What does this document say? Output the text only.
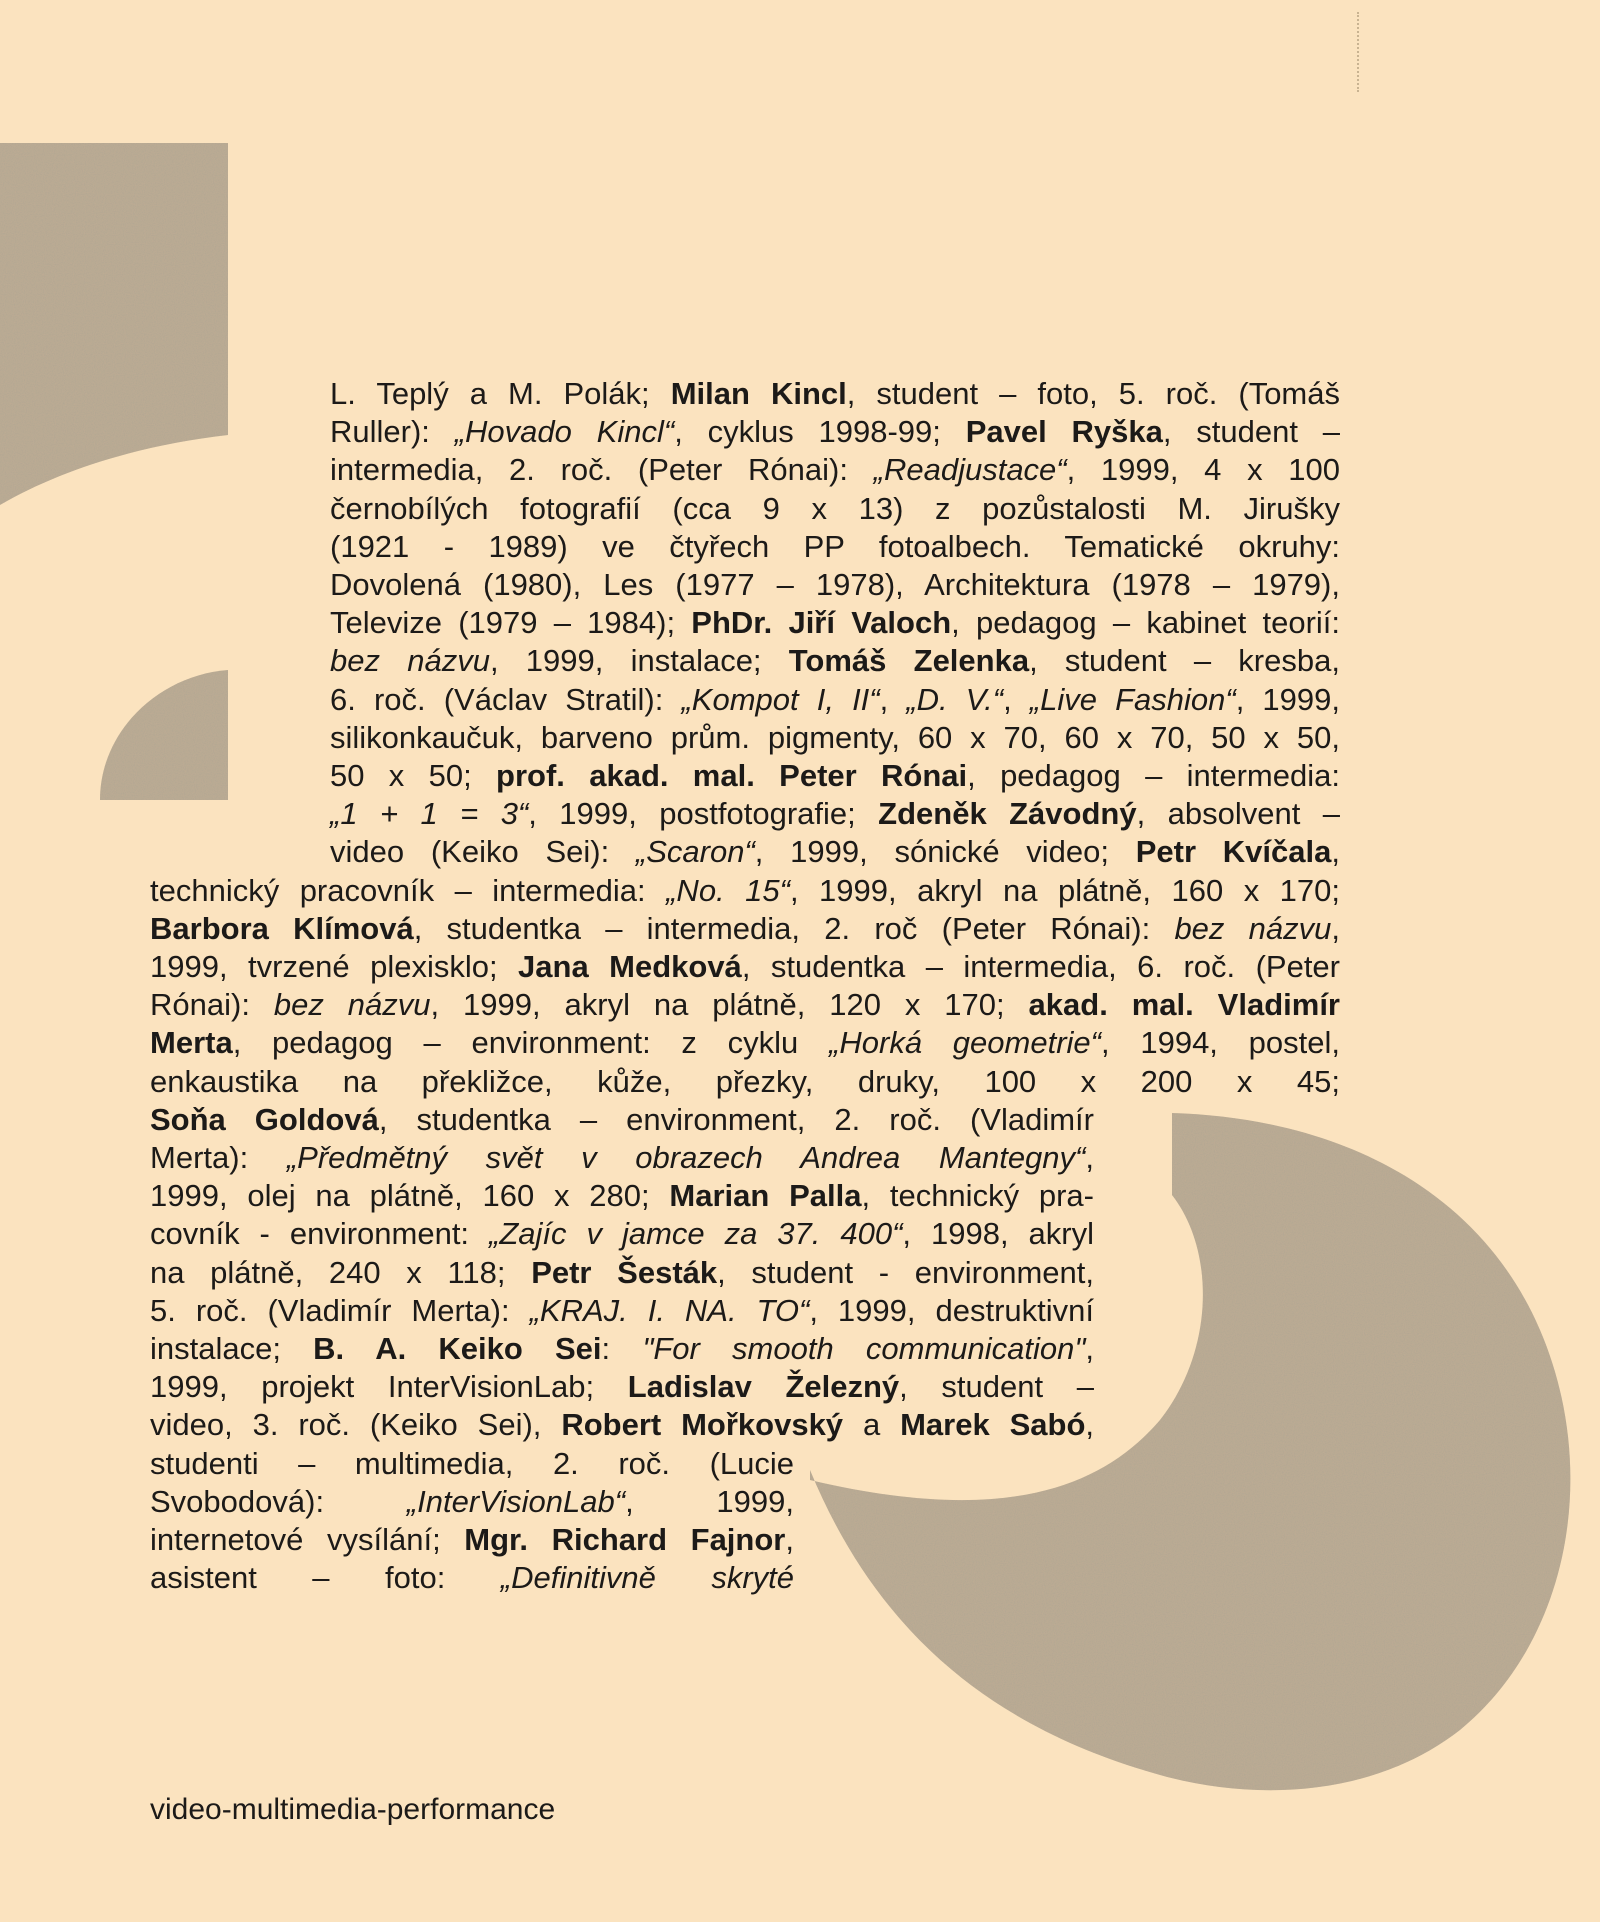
L. Teplý a M. Polák; Milan Kincl, student – foto, 5. roč. (Tomáš
Ruller): „Hovado Kincl“, cyklus 1998-99; Pavel Ryška, student –
intermedia, 2. roč. (Peter Rónai): „Readjustace“, 1999, 4 x 100
černobílých fotografií (cca 9 x 13) z pozůstalosti M. Jirušky
(1921 - 1989) ve čtyřech PP fotoalbech. Tematické okruhy:
Dovolená (1980), Les (1977 – 1978), Architektura (1978 – 1979),
Televize (1979 – 1984); PhDr. Jiří Valoch, pedagog – kabinet teorií:
bez názvu, 1999, instalace; Tomáš Zelenka, student – kresba,
6. roč. (Václav Stratil): „Kompot I, II“, „D. V.“, „Live Fashion“, 1999,
silikonkaučuk, barveno prům. pigmenty, 60 x 70, 60 x 70, 50 x 50,
50 x 50; prof. akad. mal. Peter Rónai, pedagog – intermedia:
„1 + 1 = 3“, 1999, postfotografie; Zdeněk Závodný, absolvent –
video (Keiko Sei): „Scaron“, 1999, sónické video; Petr Kvíčala,
technický pracovník – intermedia: „No. 15“, 1999, akryl na plátně, 160 x 170;
Barbora Klímová, studentka – intermedia, 2. roč (Peter Rónai): bez názvu,
1999, tvrzené plexisklo; Jana Medková, studentka – intermedia, 6. roč. (Peter
Rónai): bez názvu, 1999, akryl na plátně, 120 x 170; akad. mal. Vladimír
Merta, pedagog – environment: z cyklu „Horká geometrie“, 1994, postel,
enkaustika na překližce, kůže, přezky, druky, 100 x 200 x 45;
Soňa Goldová, studentka – environment, 2. roč. (Vladimír
Merta): „Předmětný svět v obrazech Andrea Mantegny“,
1999, olej na plátně, 160 x 280; Marian Palla, technický pra-
covník - environment: „Zajíc v jamce za 37. 400“, 1998, akryl
na plátně, 240 x 118; Petr Šesták, student - environment,
5. roč. (Vladimír Merta): „KRAJ. I. NA. TO“, 1999, destruktivní
instalace; B. A. Keiko Sei: "For smooth communication",
1999, projekt InterVisionLab; Ladislav Železný, student –
video, 3. roč. (Keiko Sei), Robert Mořkovský a Marek Sabó,
studenti – multimedia, 2. roč. (Lucie
Svobodová): „InterVisionLab“, 1999,
internetové vysílání; Mgr. Richard Fajnor,
asistent – foto: „Definitivně skryté
video-multimedia-performance
